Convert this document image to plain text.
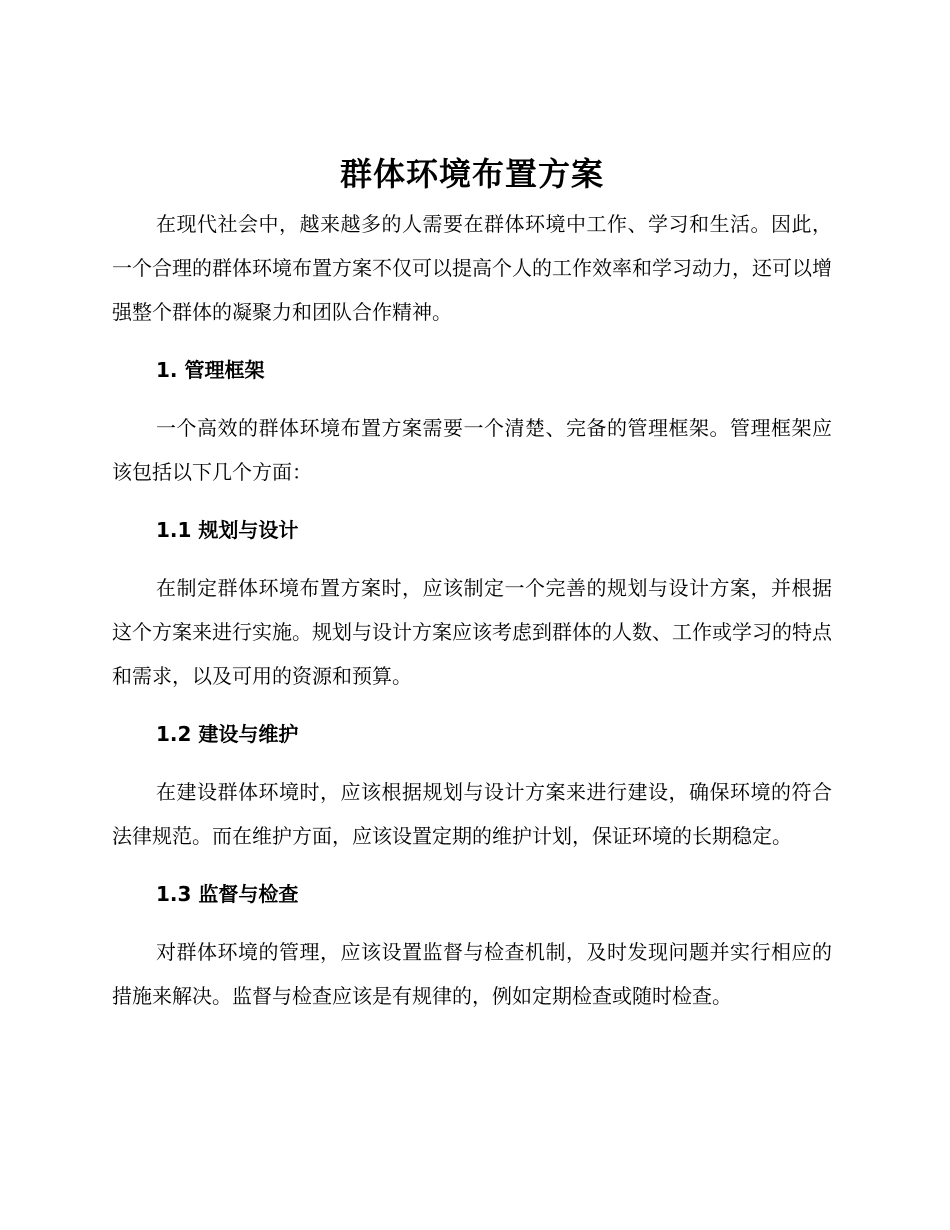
群体环境布置方案

在现代社会中，越来越多的人需要在群体环境中工作、学习和生活。因此，一个合理的群体环境布置方案不仅可以提高个人的工作效率和学习动力，还可以增强整个群体的凝聚力和团队合作精神。

1. 管理框架

一个高效的群体环境布置方案需要一个清楚、完备的管理框架。管理框架应该包括以下几个方面：

1.1 规划与设计

在制定群体环境布置方案时，应该制定一个完善的规划与设计方案，并根据这个方案来进行实施。规划与设计方案应该考虑到群体的人数、工作或学习的特点和需求，以及可用的资源和预算。

1.2 建设与维护

在建设群体环境时，应该根据规划与设计方案来进行建设，确保环境的符合法律规范。而在维护方面，应该设置定期的维护计划，保证环境的长期稳定。

1.3 监督与检查

对群体环境的管理，应该设置监督与检查机制，及时发现问题并实行相应的措施来解决。监督与检查应该是有规律的，例如定期检查或随时检查。
